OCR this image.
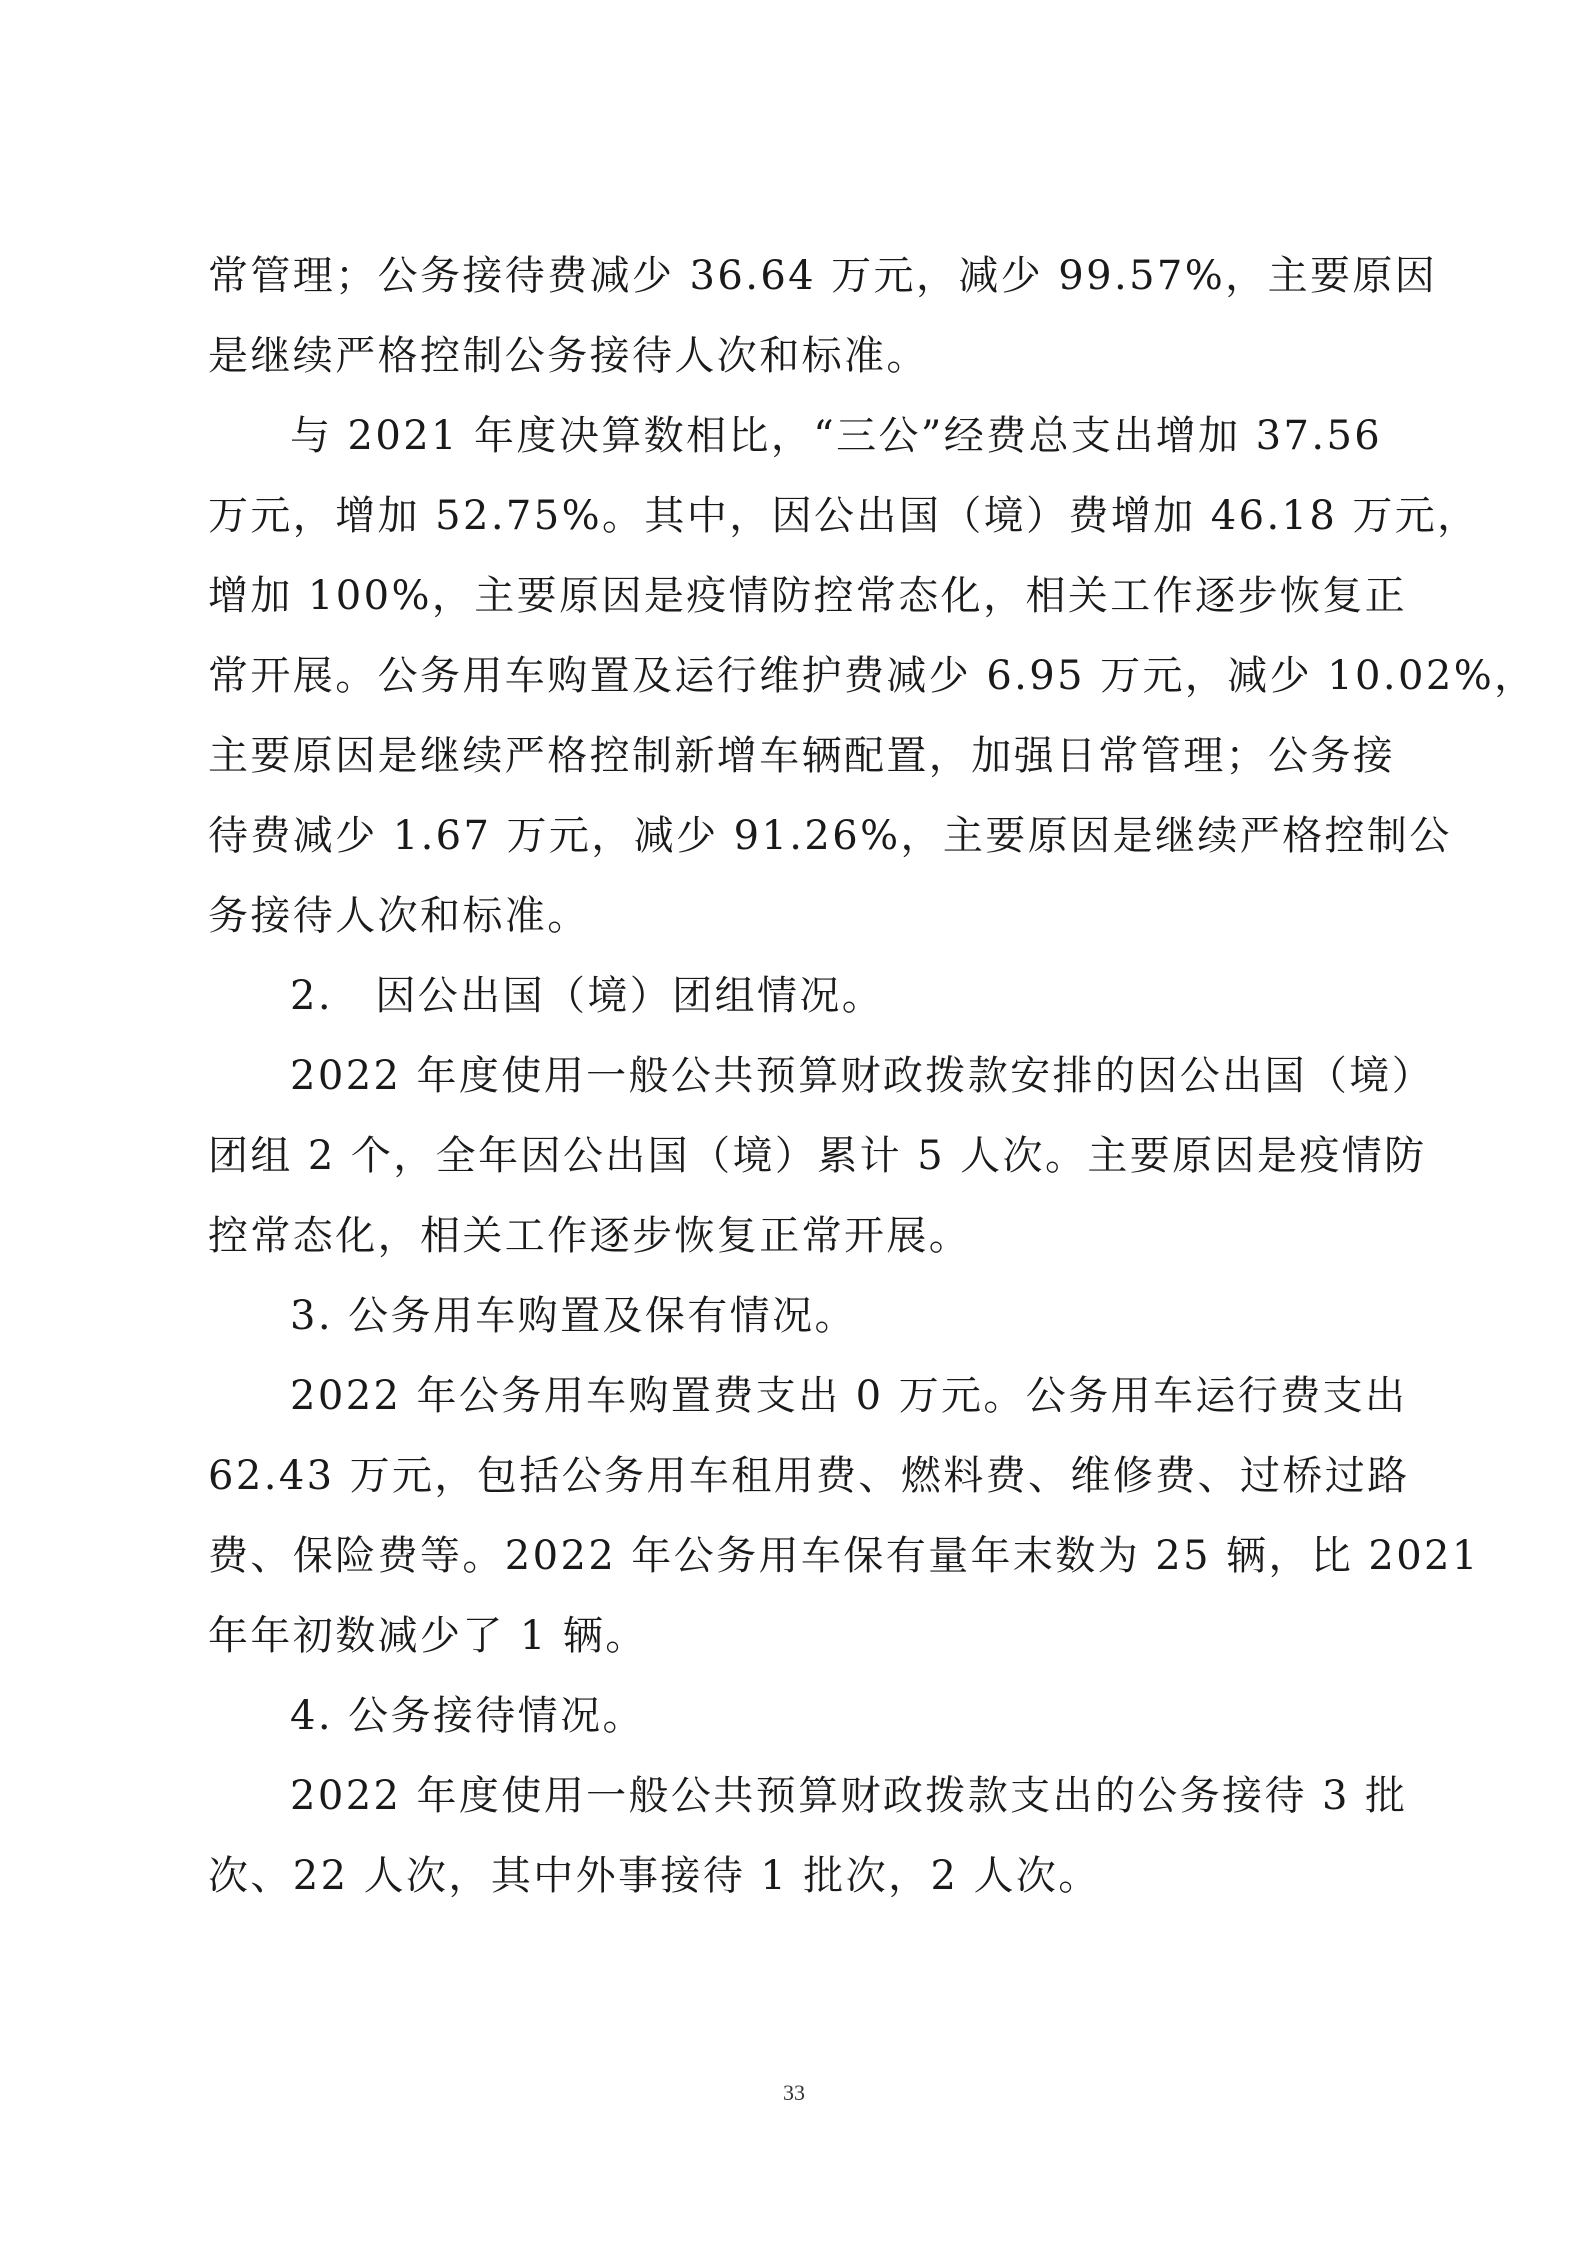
常管理；公务接待费减少 36.64 万元，减少 99.57%，主要原因
是继续严格控制公务接待人次和标准。
与 2021 年度决算数相比，“三公”经费总支出增加 37.56
万元，增加 52.75%。其中，因公出国（境）费增加 46.18 万元，
增加 100%，主要原因是疫情防控常态化，相关工作逐步恢复正
常开展。公务用车购置及运行维护费减少 6.95 万元，减少 10.02%，
主要原因是继续严格控制新增车辆配置，加强日常管理；公务接
待费减少 1.67 万元，减少 91.26%，主要原因是继续严格控制公
务接待人次和标准。
2.　因公出国（境）团组情况。
2022 年度使用一般公共预算财政拨款安排的因公出国（境）
团组 2 个，全年因公出国（境）累计 5 人次。主要原因是疫情防
控常态化，相关工作逐步恢复正常开展。
3. 公务用车购置及保有情况。
2022 年公务用车购置费支出 0 万元。公务用车运行费支出
62.43 万元，包括公务用车租用费、燃料费、维修费、过桥过路
费、保险费等。2022 年公务用车保有量年末数为 25 辆，比 2021
年年初数减少了 1 辆。
4. 公务接待情况。
2022 年度使用一般公共预算财政拨款支出的公务接待 3 批
次、22 人次，其中外事接待 1 批次，2 人次。
33
